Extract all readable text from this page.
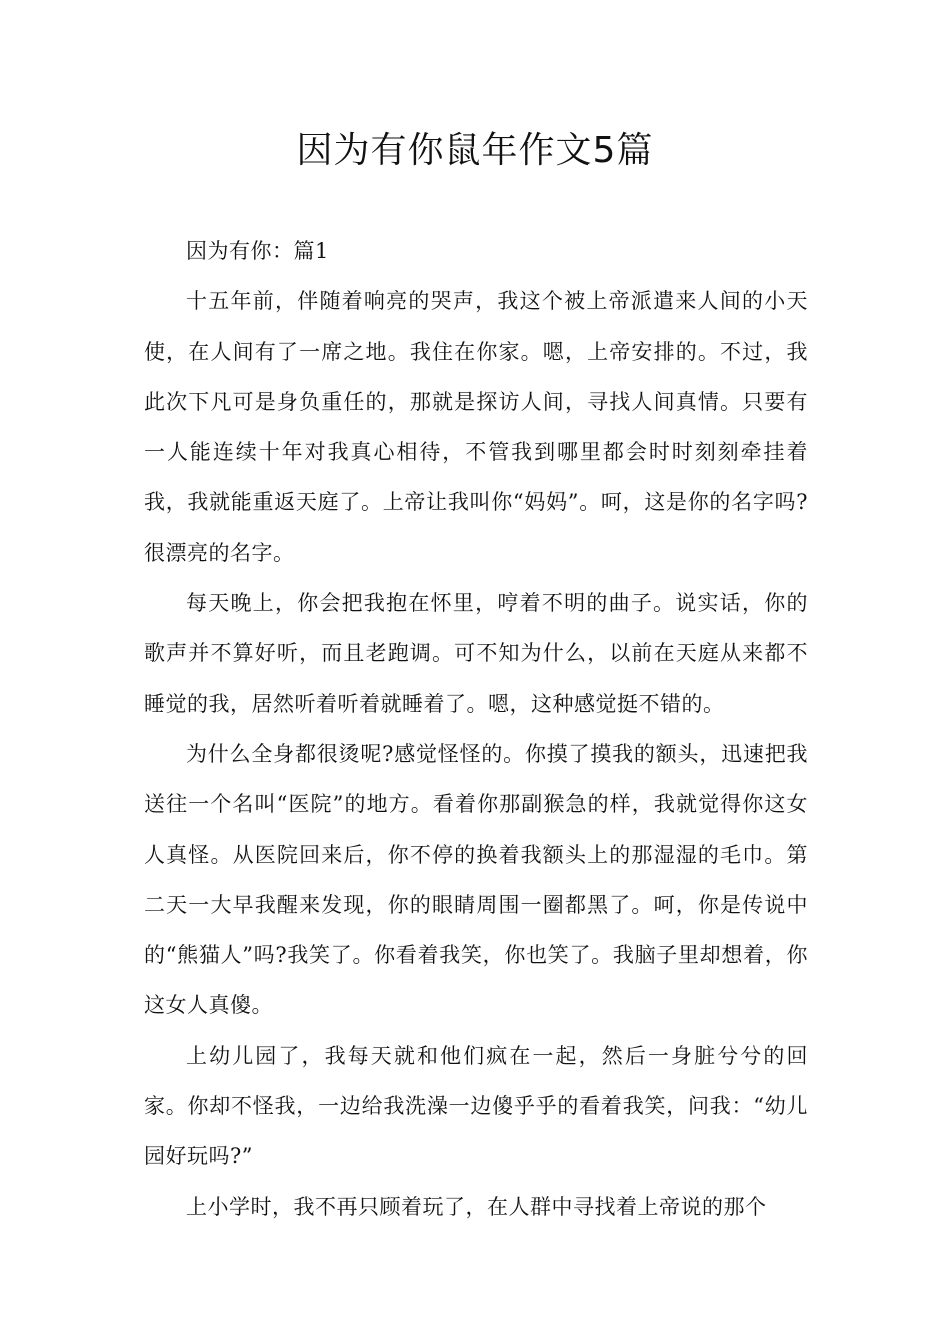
因为有你鼠年作文5篇

因为有你：篇1

十五年前，伴随着响亮的哭声，我这个被上帝派遣来人间的小天使，在人间有了一席之地。我住在你家。嗯，上帝安排的。不过，我此次下凡可是身负重任的，那就是探访人间，寻找人间真情。只要有一人能连续十年对我真心相待，不管我到哪里都会时时刻刻牵挂着我，我就能重返天庭了。上帝让我叫你“妈妈”。呵，这是你的名字吗?很漂亮的名字。

每天晚上，你会把我抱在怀里，哼着不明的曲子。说实话，你的歌声并不算好听，而且老跑调。可不知为什么，以前在天庭从来都不睡觉的我，居然听着听着就睡着了。嗯，这种感觉挺不错的。

为什么全身都很烫呢?感觉怪怪的。你摸了摸我的额头，迅速把我送往一个名叫“医院”的地方。看着你那副猴急的样，我就觉得你这女人真怪。从医院回来后，你不停的换着我额头上的那湿湿的毛巾。第二天一大早我醒来发现，你的眼睛周围一圈都黑了。呵，你是传说中的“熊猫人”吗?我笑了。你看着我笑，你也笑了。我脑子里却想着，你这女人真傻。

上幼儿园了，我每天就和他们疯在一起，然后一身脏兮兮的回家。你却不怪我，一边给我洗澡一边傻乎乎的看着我笑，问我：“幼儿园好玩吗?”

上小学时，我不再只顾着玩了，在人群中寻找着上帝说的那个
